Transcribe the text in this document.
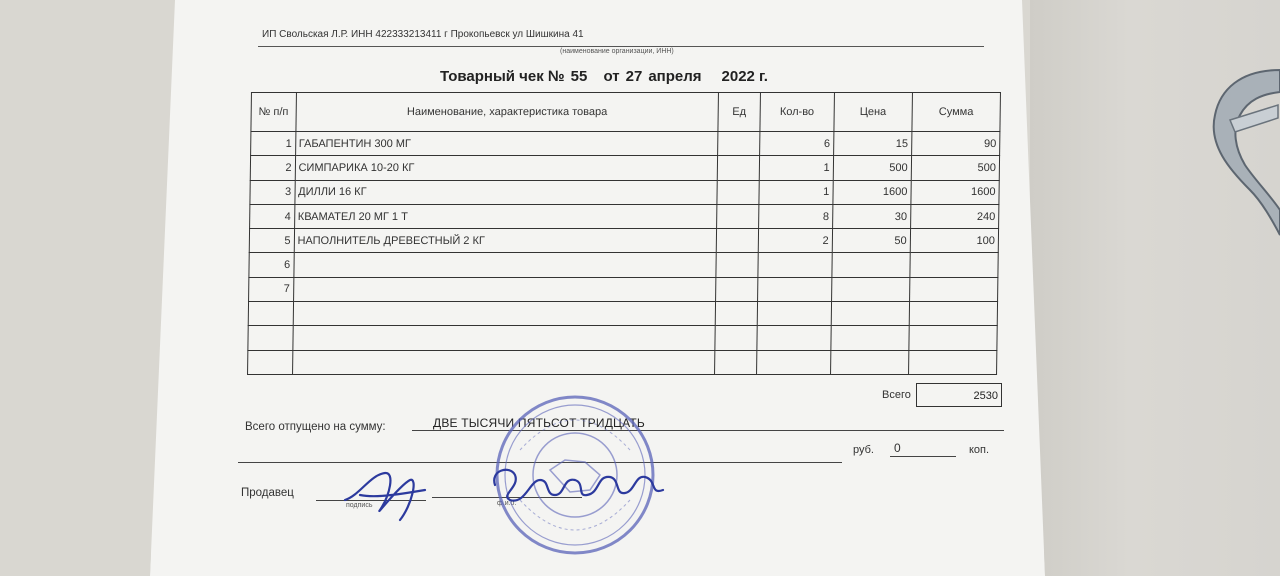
ИП Свольская Л.Р. ИНН 422333213411 г Прокопьевск ул Шишкина 41
(наименование организации, ИНН)
Товарный чек № 55 от 27 апреля 2022 г.
№ п/п	Наименование, характеристика товара	Ед	Кол-во	Цена	Сумма
1	ГАБАПЕНТИН 300 МГ		6	15	90
2	СИМПАРИКА 10-20 КГ		1	500	500
3	ДИЛЛИ 16 КГ		1	1600	1600
4	КВАМАТЕЛ 20 МГ 1 Т		8	30	240
5	НАПОЛНИТЕЛЬ ДРЕВЕСТНЫЙ 2 КГ		2	50	100
6					
7					

Всего	2530
Всего отпущено на сумму:	ДВЕ ТЫСЯЧИ ПЯТЬСОТ ТРИДЦАТЬ
руб. 0	коп.
Продавец
подпись	ф.и.о.
